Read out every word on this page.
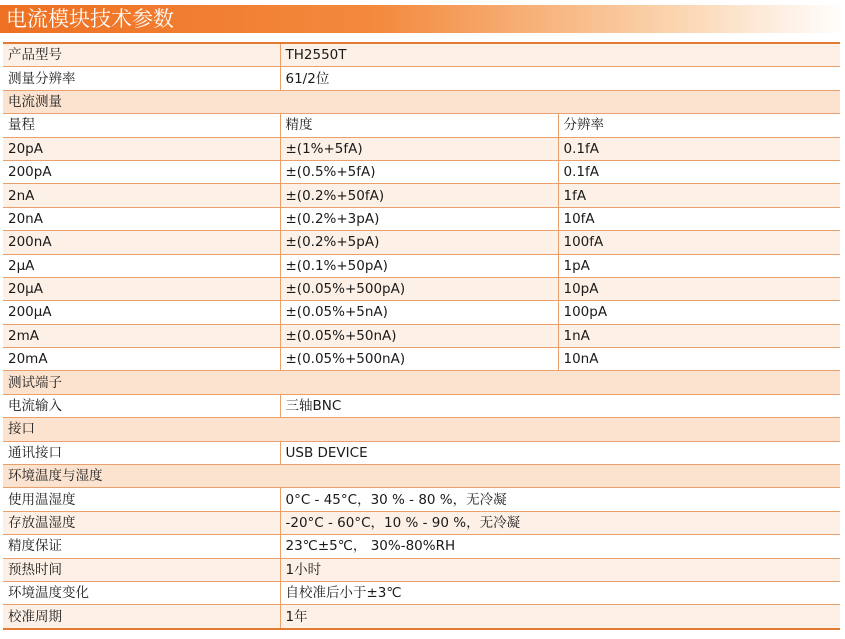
电流模块技术参数
产品型号	TH2550T	
测量分辨率	61/2位	
电流测量		
量程	精度	分辨率
20pA	±(1%+5fA)	0.1fA
200pA	±(0.5%+5fA)	0.1fA
2nA	±(0.2%+50fA)	1fA
20nA	±(0.2%+3pA)	10fA
200nA	±(0.2%+5pA)	100fA
2μA	±(0.1%+50pA)	1pA
20μA	±(0.05%+500pA)	10pA
200μA	±(0.05%+5nA)	100pA
2mA	±(0.05%+50nA)	1nA
20mA	±(0.05%+500nA)	10nA
测试端子		
电流输入	三轴BNC	
接口		
通讯接口	USB DEVICE	
环境温度与湿度		
使用温湿度	0°C - 45°C，30 % - 80 %，无冷凝	
存放温湿度	-20°C - 60°C，10 % - 90 %，无冷凝	
精度保证	23℃±5℃， 30%-80%RH	
预热时间	1小时	
环境温度变化	自校准后小于±3℃	
校准周期	1年	
